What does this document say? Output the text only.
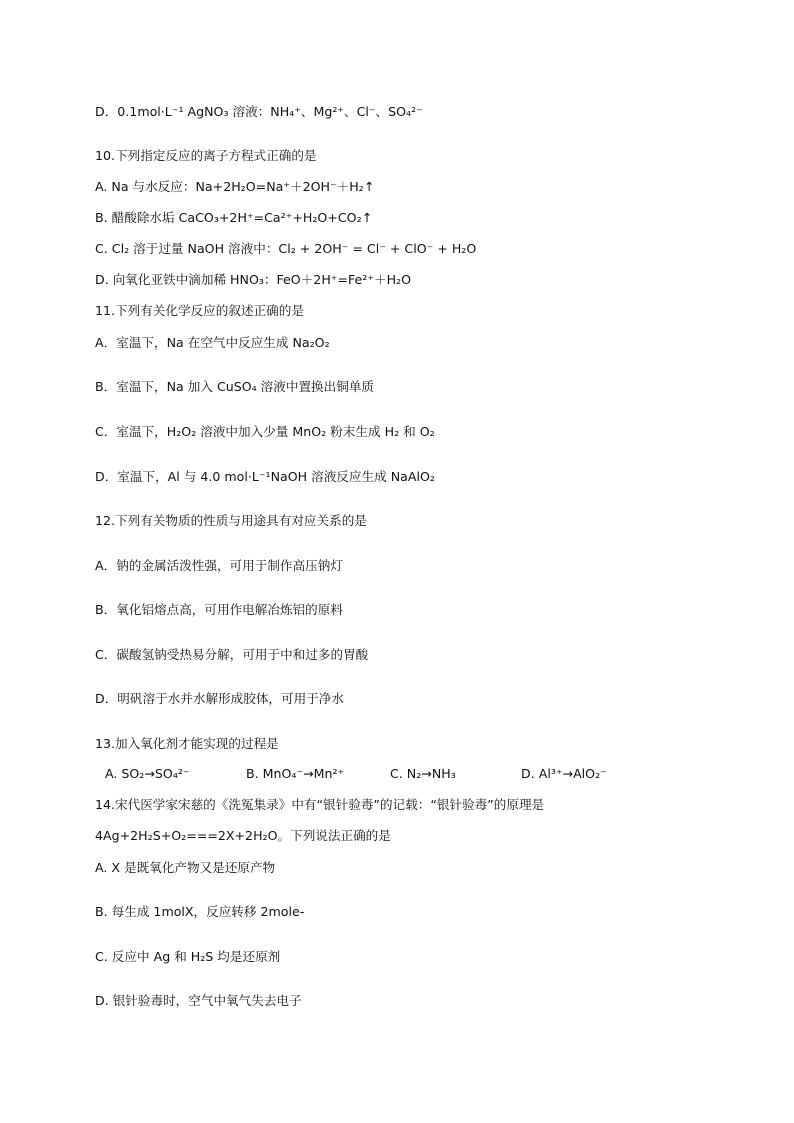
D．0.1mol·L⁻¹ AgNO₃ 溶液：NH₄⁺、Mg²⁺、Cl⁻、SO₄²⁻
10.下列指定反应的离子方程式正确的是
A. Na 与水反应：Na+2H₂O=Na⁺＋2OH⁻＋H₂↑
B. 醋酸除水垢 CaCO₃+2H⁺=Ca²⁺+H₂O+CO₂↑
C. Cl₂ 溶于过量 NaOH 溶液中：Cl₂ + 2OH⁻ = Cl⁻ + ClO⁻ + H₂O
D. 向氧化亚铁中滴加稀 HNO₃：FeO＋2H⁺=Fe²⁺＋H₂O
11.下列有关化学反应的叙述正确的是
A．室温下，Na 在空气中反应生成 Na₂O₂
B．室温下，Na 加入 CuSO₄ 溶液中置换出铜单质
C．室温下，H₂O₂ 溶液中加入少量 MnO₂ 粉末生成 H₂ 和 O₂
D．室温下，Al 与 4.0 mol·L⁻¹NaOH 溶液反应生成 NaAlO₂
12.下列有关物质的性质与用途具有对应关系的是
A．钠的金属活泼性强，可用于制作高压钠灯
B．氧化铝熔点高，可用作电解冶炼铝的原料
C．碳酸氢钠受热易分解，可用于中和过多的胃酸
D．明矾溶于水并水解形成胶体，可用于净水
13.加入氧化剂才能实现的过程是
A. SO₂→SO₄²⁻	B. MnO₄⁻→Mn²⁺	C. N₂→NH₃	D. Al³⁺→AlO₂⁻
14.宋代医学家宋慈的《洗冤集录》中有“银针验毒”的记载：“银针验毒”的原理是
4Ag+2H₂S+O₂===2X+2H₂O。下列说法正确的是
A. X 是既氧化产物又是还原产物
B. 每生成 1molX，反应转移 2mole-
C. 反应中 Ag 和 H₂S 均是还原剂
D. 银针验毒时，空气中氧气失去电子
